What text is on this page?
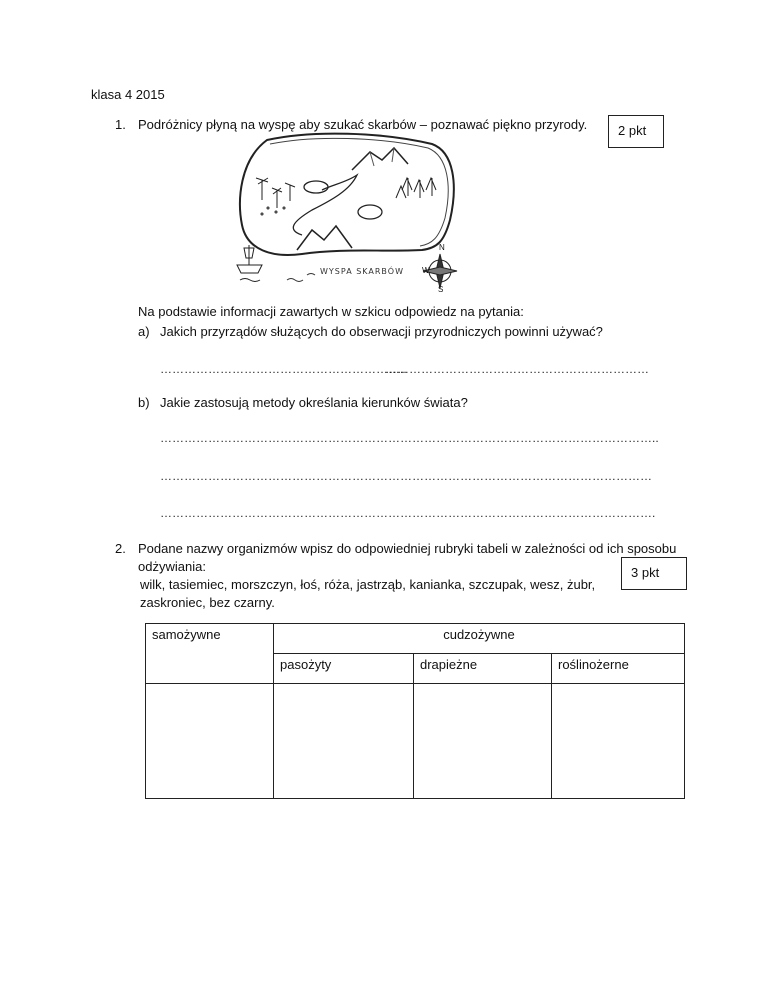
klasa 4 2015
1. Podróżnicy płyną na wyspę aby szukać skarbów – poznawać piękno przyrody.	2 pkt
WYSPA SKARBÓW
N
W
S
Na podstawie informacji zawartych w szkicu odpowiedz na pytania:
a) Jakich przyrządów służących do obserwacji przyrodniczych powinni używać?
……………………………………………………..
…………………………………………………………
b) Jakie zastosują metody określania kierunków świata?
……………………………………………………………………………………………………………..
……………………………………………………………………………………………………………
…………………………………………………………………………………………………………….
2. Podane nazwy organizmów wpisz do odpowiedniej rubryki tabeli w zależności od ich sposobu
odżywiania:	3 pkt
wilk, tasiemiec, morszczyn, łoś, róża, jastrząb, kanianka, szczupak, wesz, żubr,
zaskroniec, bez czarny.
samożywne	cudzożywne		
	pasożyty	drapieżne	roślinożerne
